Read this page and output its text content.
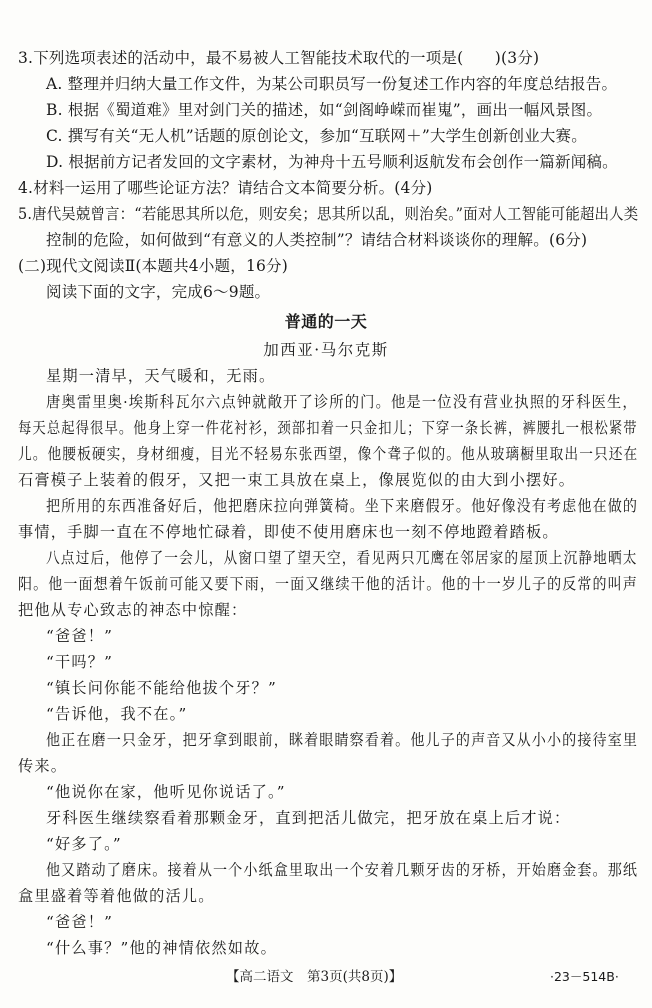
3.下列选项表述的活动中，最不易被人工智能技术取代的一项是(　　)(3分)
A. 整理并归纳大量工作文件，为某公司职员写一份复述工作内容的年度总结报告。
B. 根据《蜀道难》里对剑门关的描述，如“剑阁峥嵘而崔嵬”，画出一幅风景图。
C. 撰写有关“无人机”话题的原创论文，参加“互联网＋”大学生创新创业大赛。
D. 根据前方记者发回的文字素材，为神舟十五号顺利返航发布会创作一篇新闻稿。
4.材料一运用了哪些论证方法？请结合文本简要分析。(4分)
5.唐代吴兢曾言：“若能思其所以危，则安矣；思其所以乱，则治矣。”面对人工智能可能超出人类
控制的危险，如何做到“有意义的人类控制”？请结合材料谈谈你的理解。(6分)
(二)现代文阅读Ⅱ(本题共4小题，16分)
阅读下面的文字，完成6～9题。
普通的一天
加西亚·马尔克斯
星期一清早，天气暖和，无雨。
唐奥雷里奥·埃斯科瓦尔六点钟就敞开了诊所的门。他是一位没有营业执照的牙科医生，
每天总起得很早。他身上穿一件花衬衫，颈部扣着一只金扣儿；下穿一条长裤，裤腰扎一根松紧带
儿。他腰板硬实，身材细瘦，目光不轻易东张西望，像个聋子似的。他从玻璃橱里取出一只还在
石膏模子上装着的假牙，又把一束工具放在桌上，像展览似的由大到小摆好。
把所用的东西准备好后，他把磨床拉向弹簧椅。坐下来磨假牙。他好像没有考虑他在做的
事情，手脚一直在不停地忙碌着，即使不使用磨床也一刻不停地蹬着踏板。
八点过后，他停了一会儿，从窗口望了望天空，看见两只兀鹰在邻居家的屋顶上沉静地晒太
阳。他一面想着午饭前可能又要下雨，一面又继续干他的活计。他的十一岁儿子的反常的叫声
把他从专心致志的神态中惊醒：
“爸爸！”
“干吗？”
“镇长问你能不能给他拔个牙？”
“告诉他，我不在。”
他正在磨一只金牙，把牙拿到眼前，眯着眼睛察看着。他儿子的声音又从小小的接待室里
传来。
“他说你在家，他听见你说话了。”
牙科医生继续察看着那颗金牙，直到把活儿做完，把牙放在桌上后才说：
“好多了。”
他又踏动了磨床。接着从一个小纸盒里取出一个安着几颗牙齿的牙桥，开始磨金套。那纸
盒里盛着等着他做的活儿。
“爸爸！”
“什么事？”他的神情依然如故。
【高二语文　第3页(共8页)】	·23－514B·
